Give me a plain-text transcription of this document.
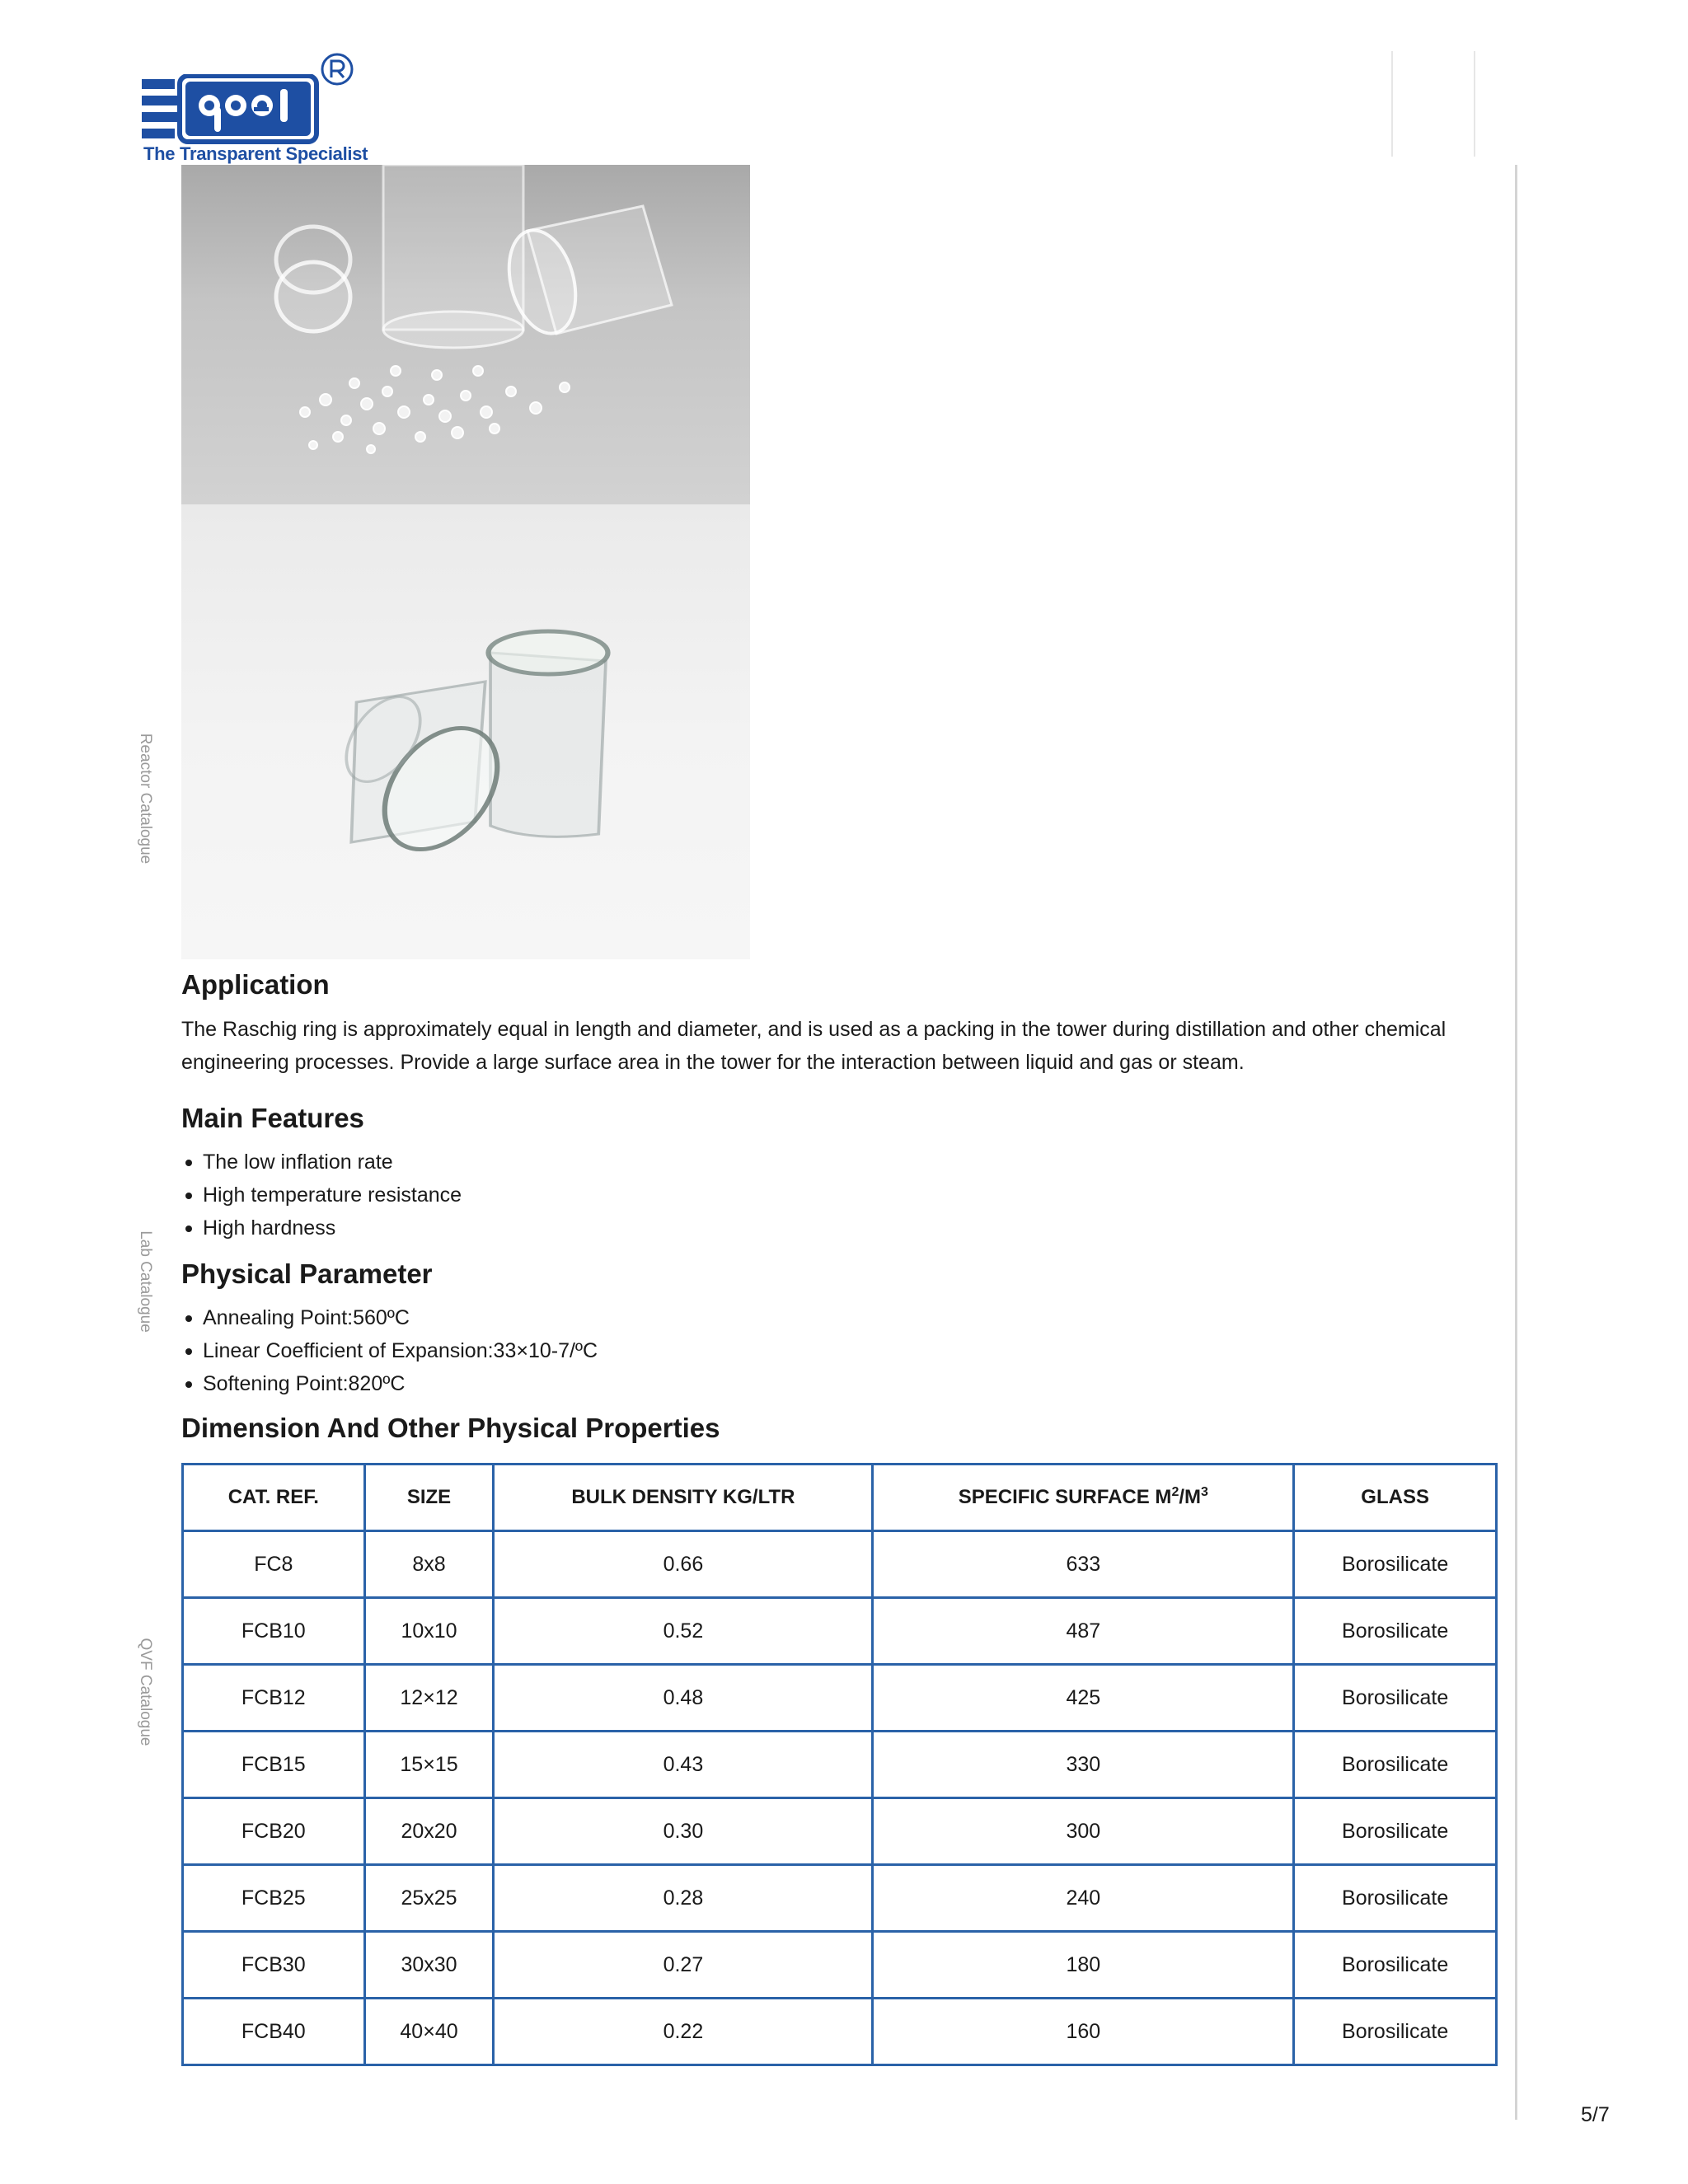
The Transparent Specialist
Reactor Catalogue
Lab Catalogue
QVF Catalogue
Application

The Raschig ring is approximately equal in length and diameter, and is used as a packing in the tower during distillation and other chemical engineering processes. Provide a large surface area in the tower for the interaction between liquid and gas or steam.

Main Features
The low inflation rate
High temperature resistance
High hardness
Physical Parameter
Annealing Point:560ºC
Linear Coefficient of Expansion:33×10-7/ºC
Softening Point:820ºC
Dimension And Other Physical Properties
CAT. REF.	SIZE	BULK DENSITY KG/LTR	SPECIFIC SURFACE $M^2/M^3$	GLASS
FC8	8x8	0.66	633	Borosilicate
FCB10	10x10	0.52	487	Borosilicate
FCB12	12×12	0.48	425	Borosilicate
FCB15	15×15	0.43	330	Borosilicate
FCB20	20x20	0.30	300	Borosilicate
FCB25	25x25	0.28	240	Borosilicate
FCB30	30x30	0.27	180	Borosilicate
FCB40	40×40	0.22	160	Borosilicate
5/7
